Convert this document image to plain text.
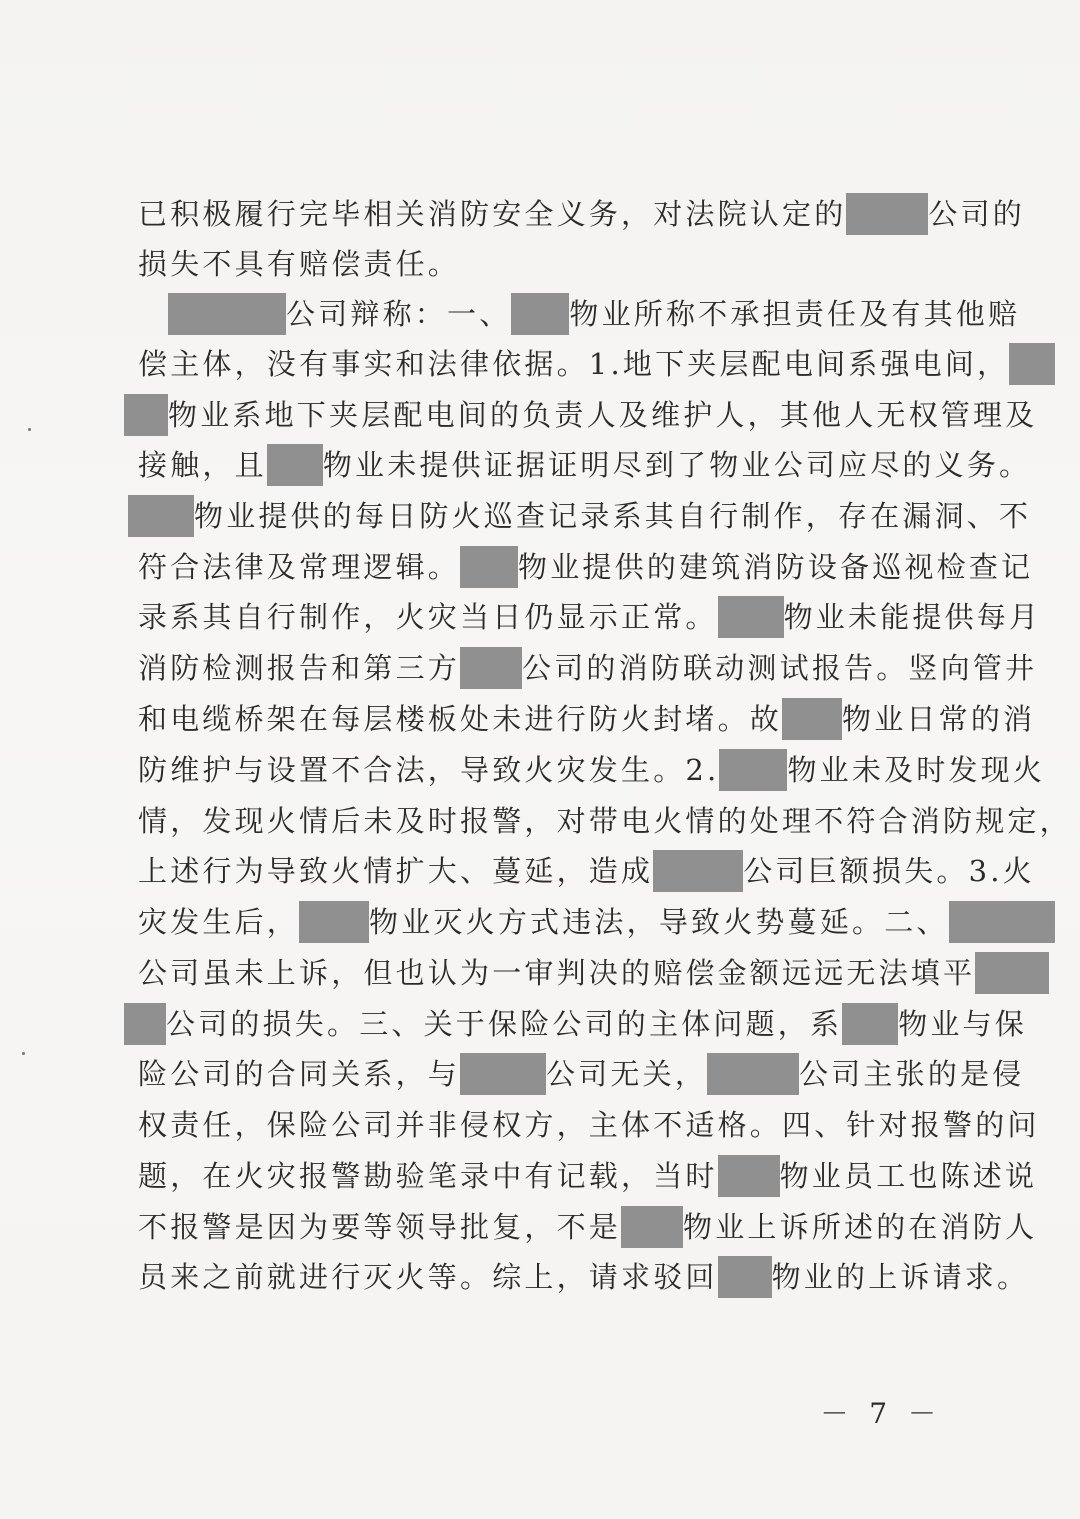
已积极履行完毕相关消防安全义务，对法院认定的	公司的
损失不具有赔偿责任。
公司辩称：一、 物业所称不承担责任及有其他赔
偿主体，没有事实和法律依据。1.地下夹层配电间系强电间，
物业系地下夹层配电间的负责人及维护人，其他人无权管理及
接触，且 物业未提供证据证明尽到了物业公司应尽的义务。
物业提供的每日防火巡查记录系其自行制作，存在漏洞、不
符合法律及常理逻辑。 物业提供的建筑消防设备巡视检查记
录系其自行制作，火灾当日仍显示正常。 物业未能提供每月
消防检测报告和第三方 公司的消防联动测试报告。竖向管井
和电缆桥架在每层楼板处未进行防火封堵。故 物业日常的消
防维护与设置不合法，导致火灾发生。2. 物业未及时发现火
情，发现火情后未及时报警，对带电火情的处理不符合消防规定，
上述行为导致火情扩大、蔓延，造成	公司巨额损失。3.火
灾发生后， 物业灭火方式违法，导致火势蔓延。二、
公司虽未上诉，但也认为一审判决的赔偿金额远远无法填平
公司的损失。三、关于保险公司的主体问题，系 物业与保
险公司的合同关系，与	公司无关，	公司主张的是侵
权责任，保险公司并非侵权方，主体不适格。四、针对报警的问
题，在火灾报警勘验笔录中有记载，当时 物业员工也陈述说
不报警是因为要等领导批复，不是 物业上诉所述的在消防人
员来之前就进行灭火等。综上，请求驳回 物业的上诉请求。
－ 7 －
